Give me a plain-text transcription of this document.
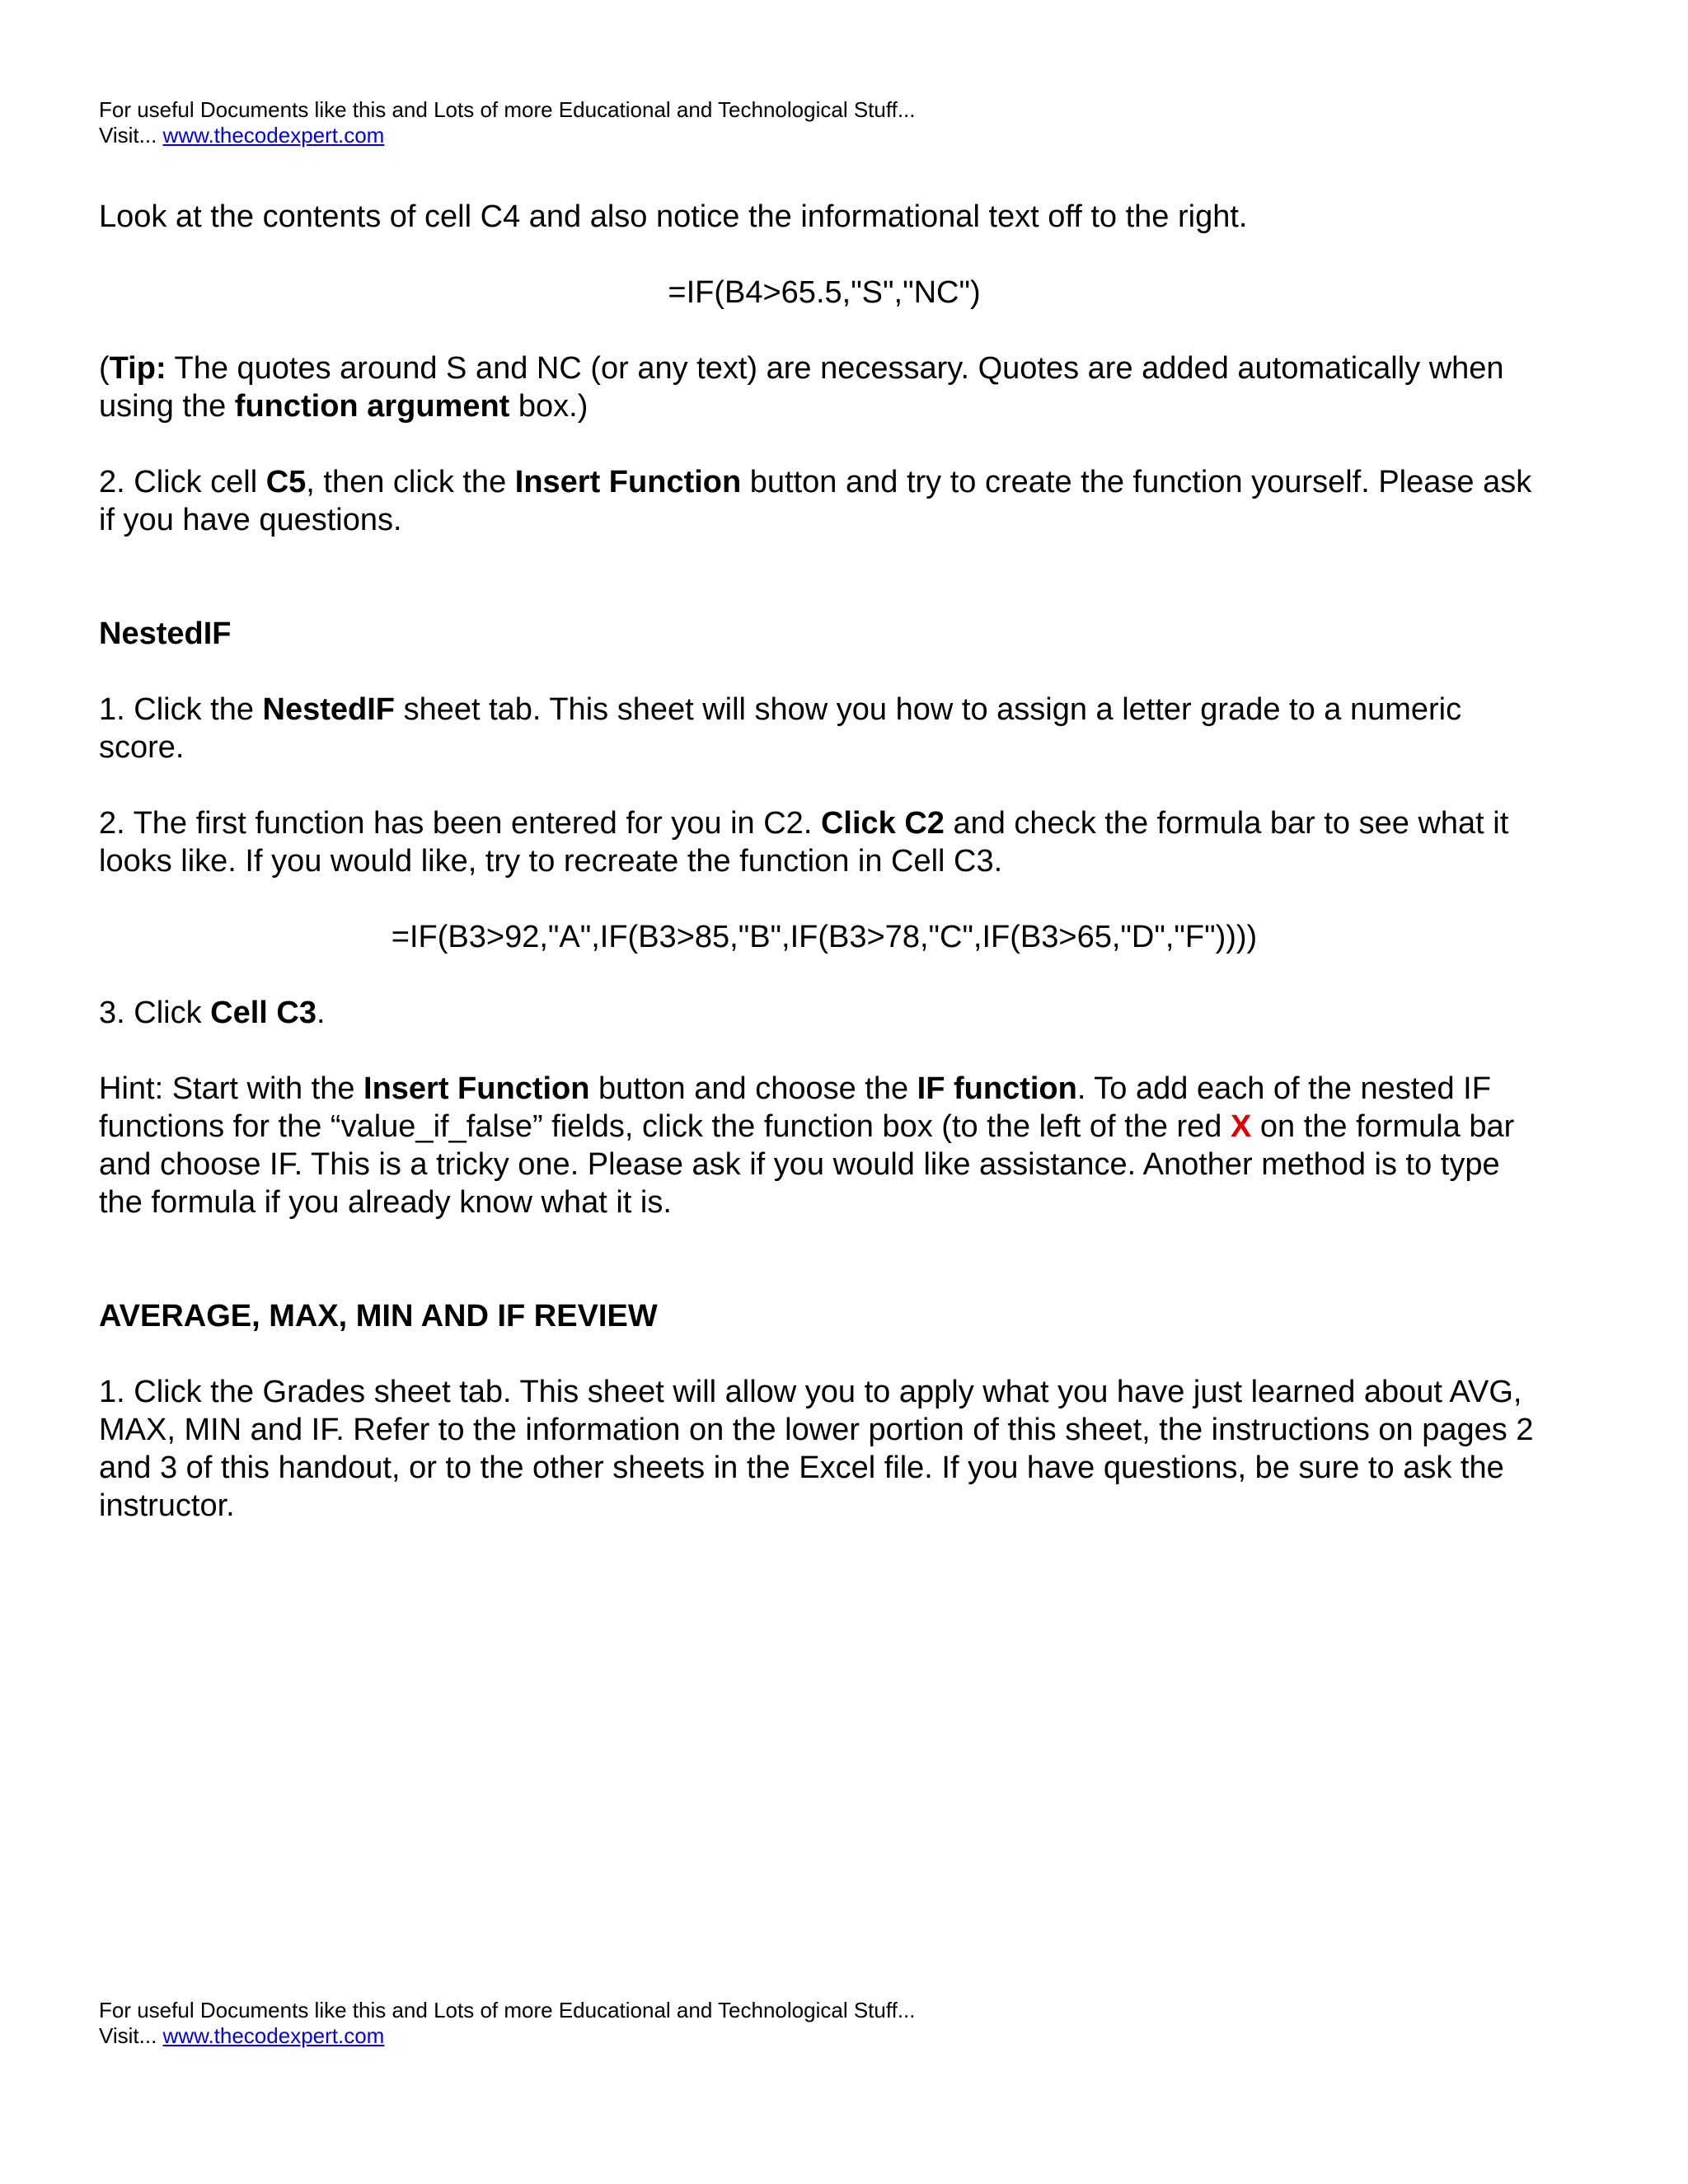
For useful Documents like this and Lots of more Educational and Technological Stuff...
Visit... www.thecodexpert.com

Look at the contents of cell C4 and also notice the informational text off to the right.

=IF(B4>65.5,"S","NC")

(Tip: The quotes around S and NC (or any text) are necessary. Quotes are added automatically when using the function argument box.)

2. Click cell C5, then click the Insert Function button and try to create the function yourself. Please ask if you have questions.

NestedIF

1. Click the NestedIF sheet tab. This sheet will show you how to assign a letter grade to a numeric score.

2. The first function has been entered for you in C2. Click C2 and check the formula bar to see what it looks like. If you would like, try to recreate the function in Cell C3.

=IF(B3>92,"A",IF(B3>85,"B",IF(B3>78,"C",IF(B3>65,"D","F"))))

3. Click Cell C3.

Hint: Start with the Insert Function button and choose the IF function. To add each of the nested IF functions for the “value_if_false” fields, click the function box (to the left of the red X on the formula bar and choose IF. This is a tricky one. Please ask if you would like assistance. Another method is to type the formula if you already know what it is.

AVERAGE, MAX, MIN AND IF REVIEW

1. Click the Grades sheet tab. This sheet will allow you to apply what you have just learned about AVG, MAX, MIN and IF. Refer to the information on the lower portion of this sheet, the instructions on pages 2 and 3 of this handout, or to the other sheets in the Excel file. If you have questions, be sure to ask the instructor.

For useful Documents like this and Lots of more Educational and Technological Stuff...
Visit... www.thecodexpert.com
